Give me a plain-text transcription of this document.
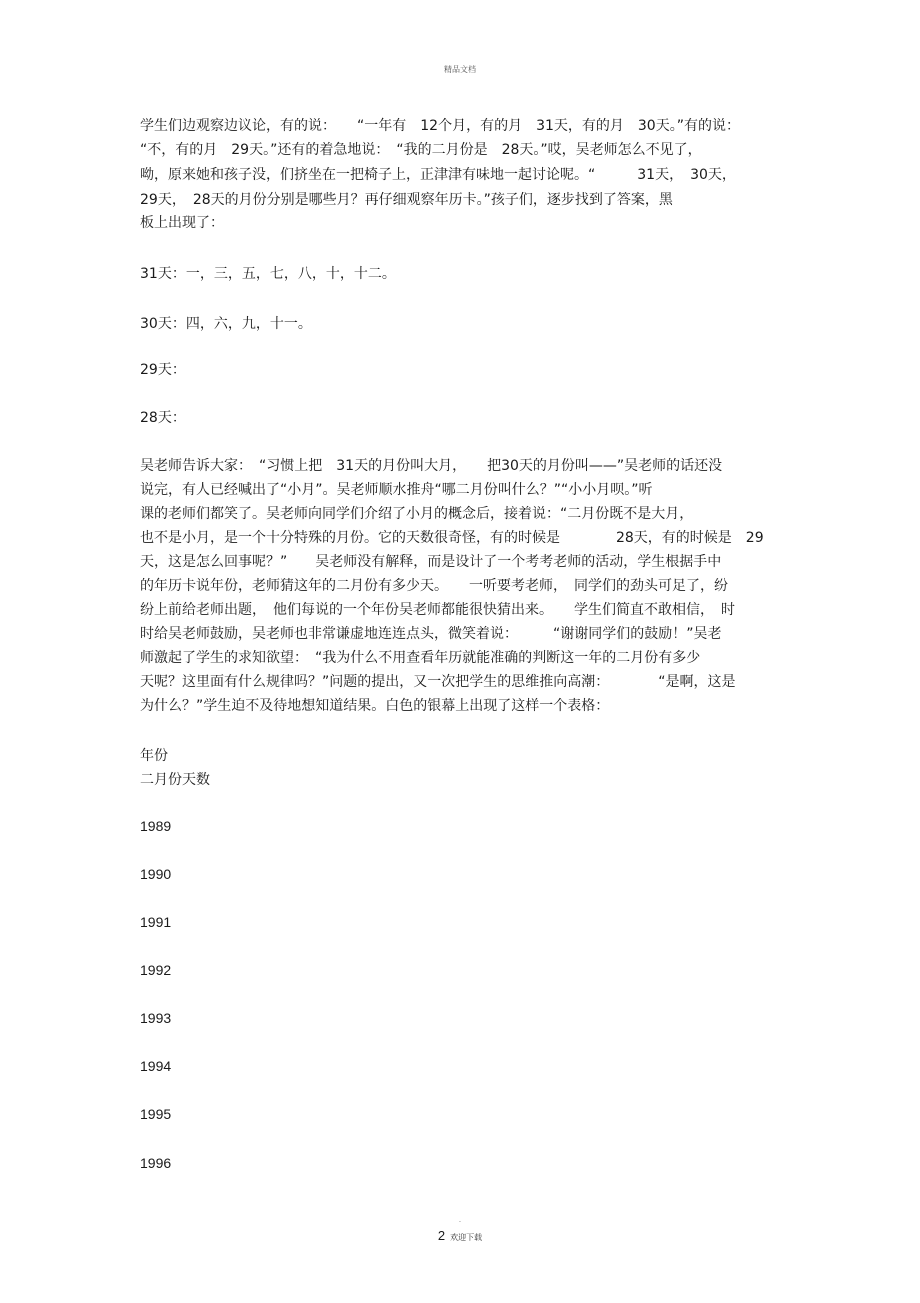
精品文档
学生们边观察边议论，有的说：　　“一年有　12个月，有的月　31天，有的月　30天。”有的说：
“不，有的月　29天。”还有的着急地说：　“我的二月份是　28天。”哎，吴老师怎么不见了，
呦，原来她和孩子没，们挤坐在一把椅子上，正津津有味地一起讨论呢。“　　　31天，　30天，
29天，　28天的月份分别是哪些月？再仔细观察年历卡。”孩子们，逐步找到了答案，黑
板上出现了：
31天：一，三，五，七，八，十，十二。
30天：四，六，九，十一。
29天：
28天：
吴老师告诉大家：　“习惯上把　31天的月份叫大月，　　把30天的月份叫——”吴老师的话还没
说完，有人已经喊出了“小月”。吴老师顺水推舟“哪二月份叫什么？”“小小月呗。”听
课的老师们都笑了。吴老师向同学们介绍了小月的概念后，接着说：“二月份既不是大月，
也不是小月，是一个十分特殊的月份。它的天数很奇怪，有的时候是　　　　28天，有的时候是　29
天，这是怎么回事呢？”　　吴老师没有解释，而是设计了一个考考老师的活动，学生根据手中
的年历卡说年份，老师猜这年的二月份有多少天。　　一听要考老师，　同学们的劲头可足了，纷
纷上前给老师出题，　他们每说的一个年份吴老师都能很快猜出来。　　学生们简直不敢相信，　时
时给吴老师鼓励，吴老师也非常谦虚地连连点头，微笑着说：　　　“谢谢同学们的鼓励！”吴老
师激起了学生的求知欲望：　“我为什么不用查看年历就能准确的判断这一年的二月份有多少
天呢？这里面有什么规律吗？”问题的提出，又一次把学生的思维推向高潮：　　　　“是啊，这是
为什么？”学生迫不及待地想知道结果。白色的银幕上出现了这样一个表格：
年份
二月份天数
1989
1990
1991
1992
1993
1994
1995
1996
-
2 欢迎下载
